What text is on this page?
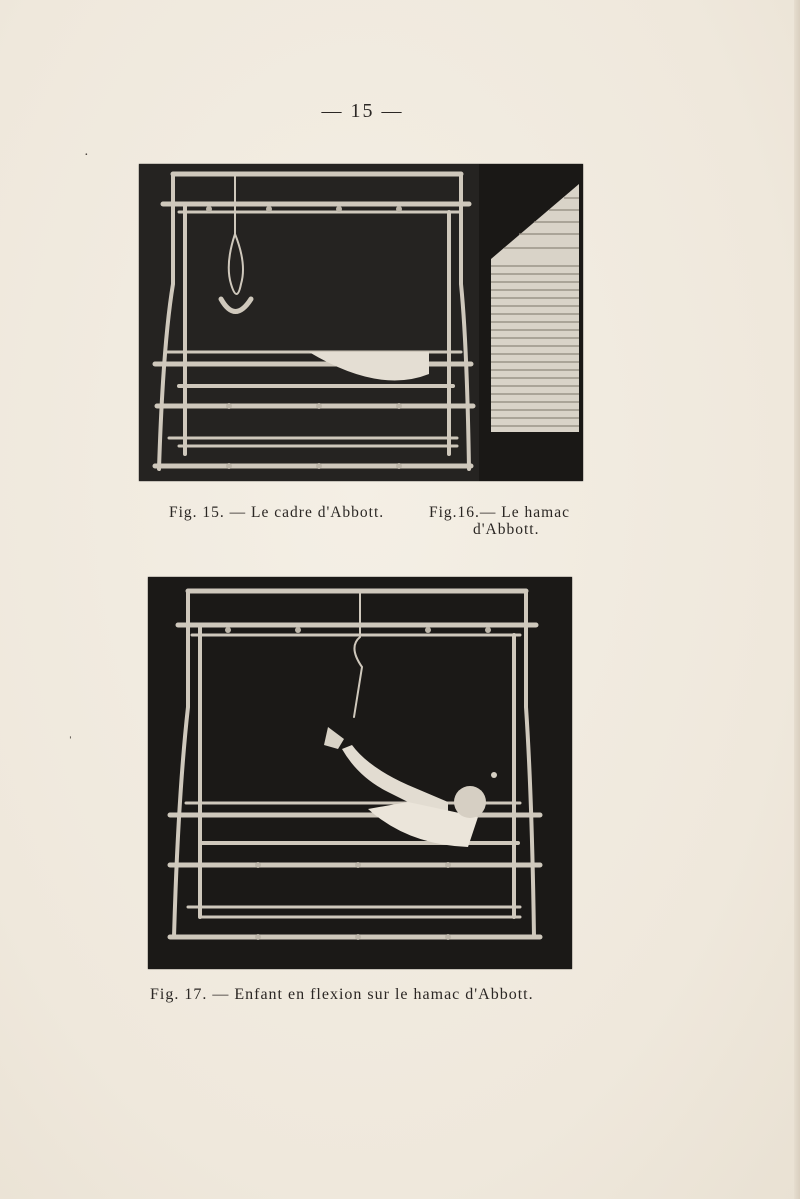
— 15 —
Fig. 15. — Le cadre d'Abbott.	Fig.16.— Le hamac
d'Abbott.
Fig. 17. — Enfant en flexion sur le hamac d'Abbott.
·
ˈ
